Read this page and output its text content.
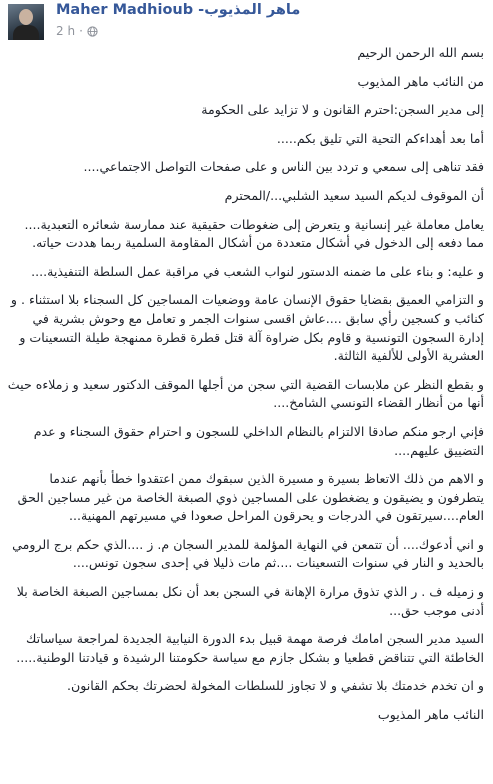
Maher Madhioub -ماهر المذيوب
2 h ·

بسم الله الرحمن الرحيم

من النائب ماهر المذيوب

إلى مدير السجن:احترم القانون و لا تزايد على الحكومة

أما بعد أهداءكم التحية التي تليق بكم.....

فقد تناهى إلى سمعي و تردد بين الناس و على صفحات التواصل الاجتماعي....

أن الموقوف لديكم السيد سعيد الشلبي.../المحترم

يعامل معاملة غير إنسانية و يتعرض إلى ضغوطات حقيقية عند ممارسة شعائره التعبدية.... مما دفعه إلى الدخول في أشكال متعددة من أشكال المقاومة السلمية ربما هددت حياته.

و عليه: و بناء على ما ضمنه الدستور لنواب الشعب في مراقبة عمل السلطة التنفيذية....

و التزامي العميق بقضايا حقوق الإنسان عامة ووضعيات المساجين كل السجناء بلا استثناء . و كنائب و كسجين رأي سابق ....عاش اقسى سنوات الجمر و تعامل مع وحوش بشرية في إدارة السجون التونسية و قاوم بكل ضراوة آلة قتل قطرة قطرة ممنهجة طيلة التسعينات و العشرية الأولى للألفية الثالثة.

و بقطع النظر عن ملابسات القضية التي سجن من أجلها الموقف الدكتور سعيد و زملاءه حيث أنها من أنظار القضاء التونسي الشامخ....

فإني ارجو منكم صادقا الالتزام بالنظام الداخلي للسجون و احترام حقوق السجناء و عدم التضييق عليهم....

و الاهم من ذلك الاتعاظ بسيرة و مسيرة الذين سبقوك ممن اعتقدوا خطأ بأنهم عندما يتطرفون و يضيقون و يضغطون على المساجين ذوي الصبغة الخاصة من غير مساجين الحق العام....سيرتقون في الدرجات و يحرقون المراحل صعودا في مسيرتهم المهنية...

و اني أدعوك.... أن تتمعن في النهاية المؤلمة للمدير السجان م. ز ....الذي حكم برج الرومي بالحديد و النار في سنوات التسعينات ....ثم مات ذليلا في إحدى سجون تونس....

و زميله ف . ر الذي تذوق مرارة الإهانة في السجن بعد أن نكل بمساجين الصبغة الخاصة بلا أدنى موجب حق...

السيد مدير السجن امامك فرصة مهمة قبيل بدء الدورة النيابية الجديدة لمراجعة سياساتك الخاطئة التي تتناقض قطعيا و بشكل جازم مع سياسة حكومتنا الرشيدة و قيادتنا الوطنية.....

و ان تخدم خدمتك بلا تشفي و لا تجاوز للسلطات المخولة لحضرتك بحكم القانون.

النائب ماهر المذيوب
